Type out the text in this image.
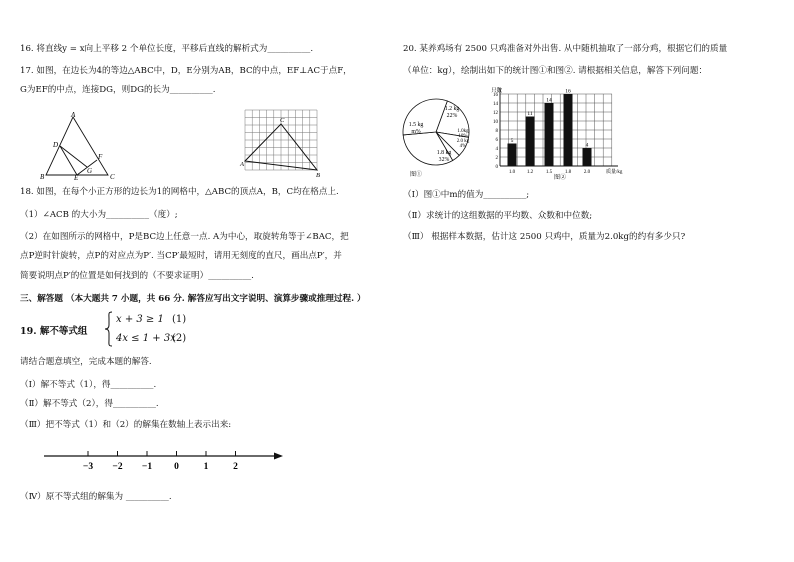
16. 将直线y = x向上平移 2 个单位长度，平移后直线的解析式为__________.
17. 如图，在边长为4的等边△ABC中，D，E分别为AB，BC的中点，EF⊥AC于点F，
G为EF的中点，连接DG，则DG的长为__________.
A
B	C
D
E
F
G
A
B
C
18. 如图，在每个小正方形的边长为1的网格中，△ABC的顶点A，B，C均在格点上.
（1）∠ACB 的大小为__________（度）;
（2）在如图所示的网格中，P是BC边上任意一点. A为中心，取旋转角等于∠BAC，把
点P逆时针旋转，点P的对应点为P′. 当CP′最短时，请用无刻度的直尺，画出点P′，并
简要说明点P′的位置是如何找到的（不要求证明）__________.
三、解答题 （本大题共 7 小题，共 66 分. 解答应写出文字说明、演算步骤或推理过程. ）
19. 解不等式组
x + 3 ≥ 1 (1)
4x ≤ 1 + 3x
(2)
请结合题意填空，完成本题的解答.
（Ⅰ）解不等式（1），得__________.
（Ⅱ）解不等式（2），得__________.
（Ⅲ）把不等式（1）和（2）的解集在数轴上表示出来:
−3 −2 −1 0	1	2
（Ⅳ）原不等式组的解集为 __________.
20. 某养鸡场有 2500 只鸡准备对外出售. 从中随机抽取了一部分鸡，根据它们的质量
（单位：kg），绘制出如下的统计图①和图②. 请根据相关信息，解答下列问题：
1.2 kg
22%
1.0kg
10%
2.0 kg
4%
1.8 kg
32%
1.5 kg
m%
图①
0
2
4
6
8
10
12
14
16
5
1.0
11
1.2
14
1.5
16
1.8
4
2.0
只数
质量/kg
图②
（Ⅰ）图①中m的值为__________;
（Ⅱ）求统计的这组数据的平均数、众数和中位数;
（Ⅲ） 根据样本数据，估计这 2500 只鸡中，质量为2.0kg的约有多少只?
